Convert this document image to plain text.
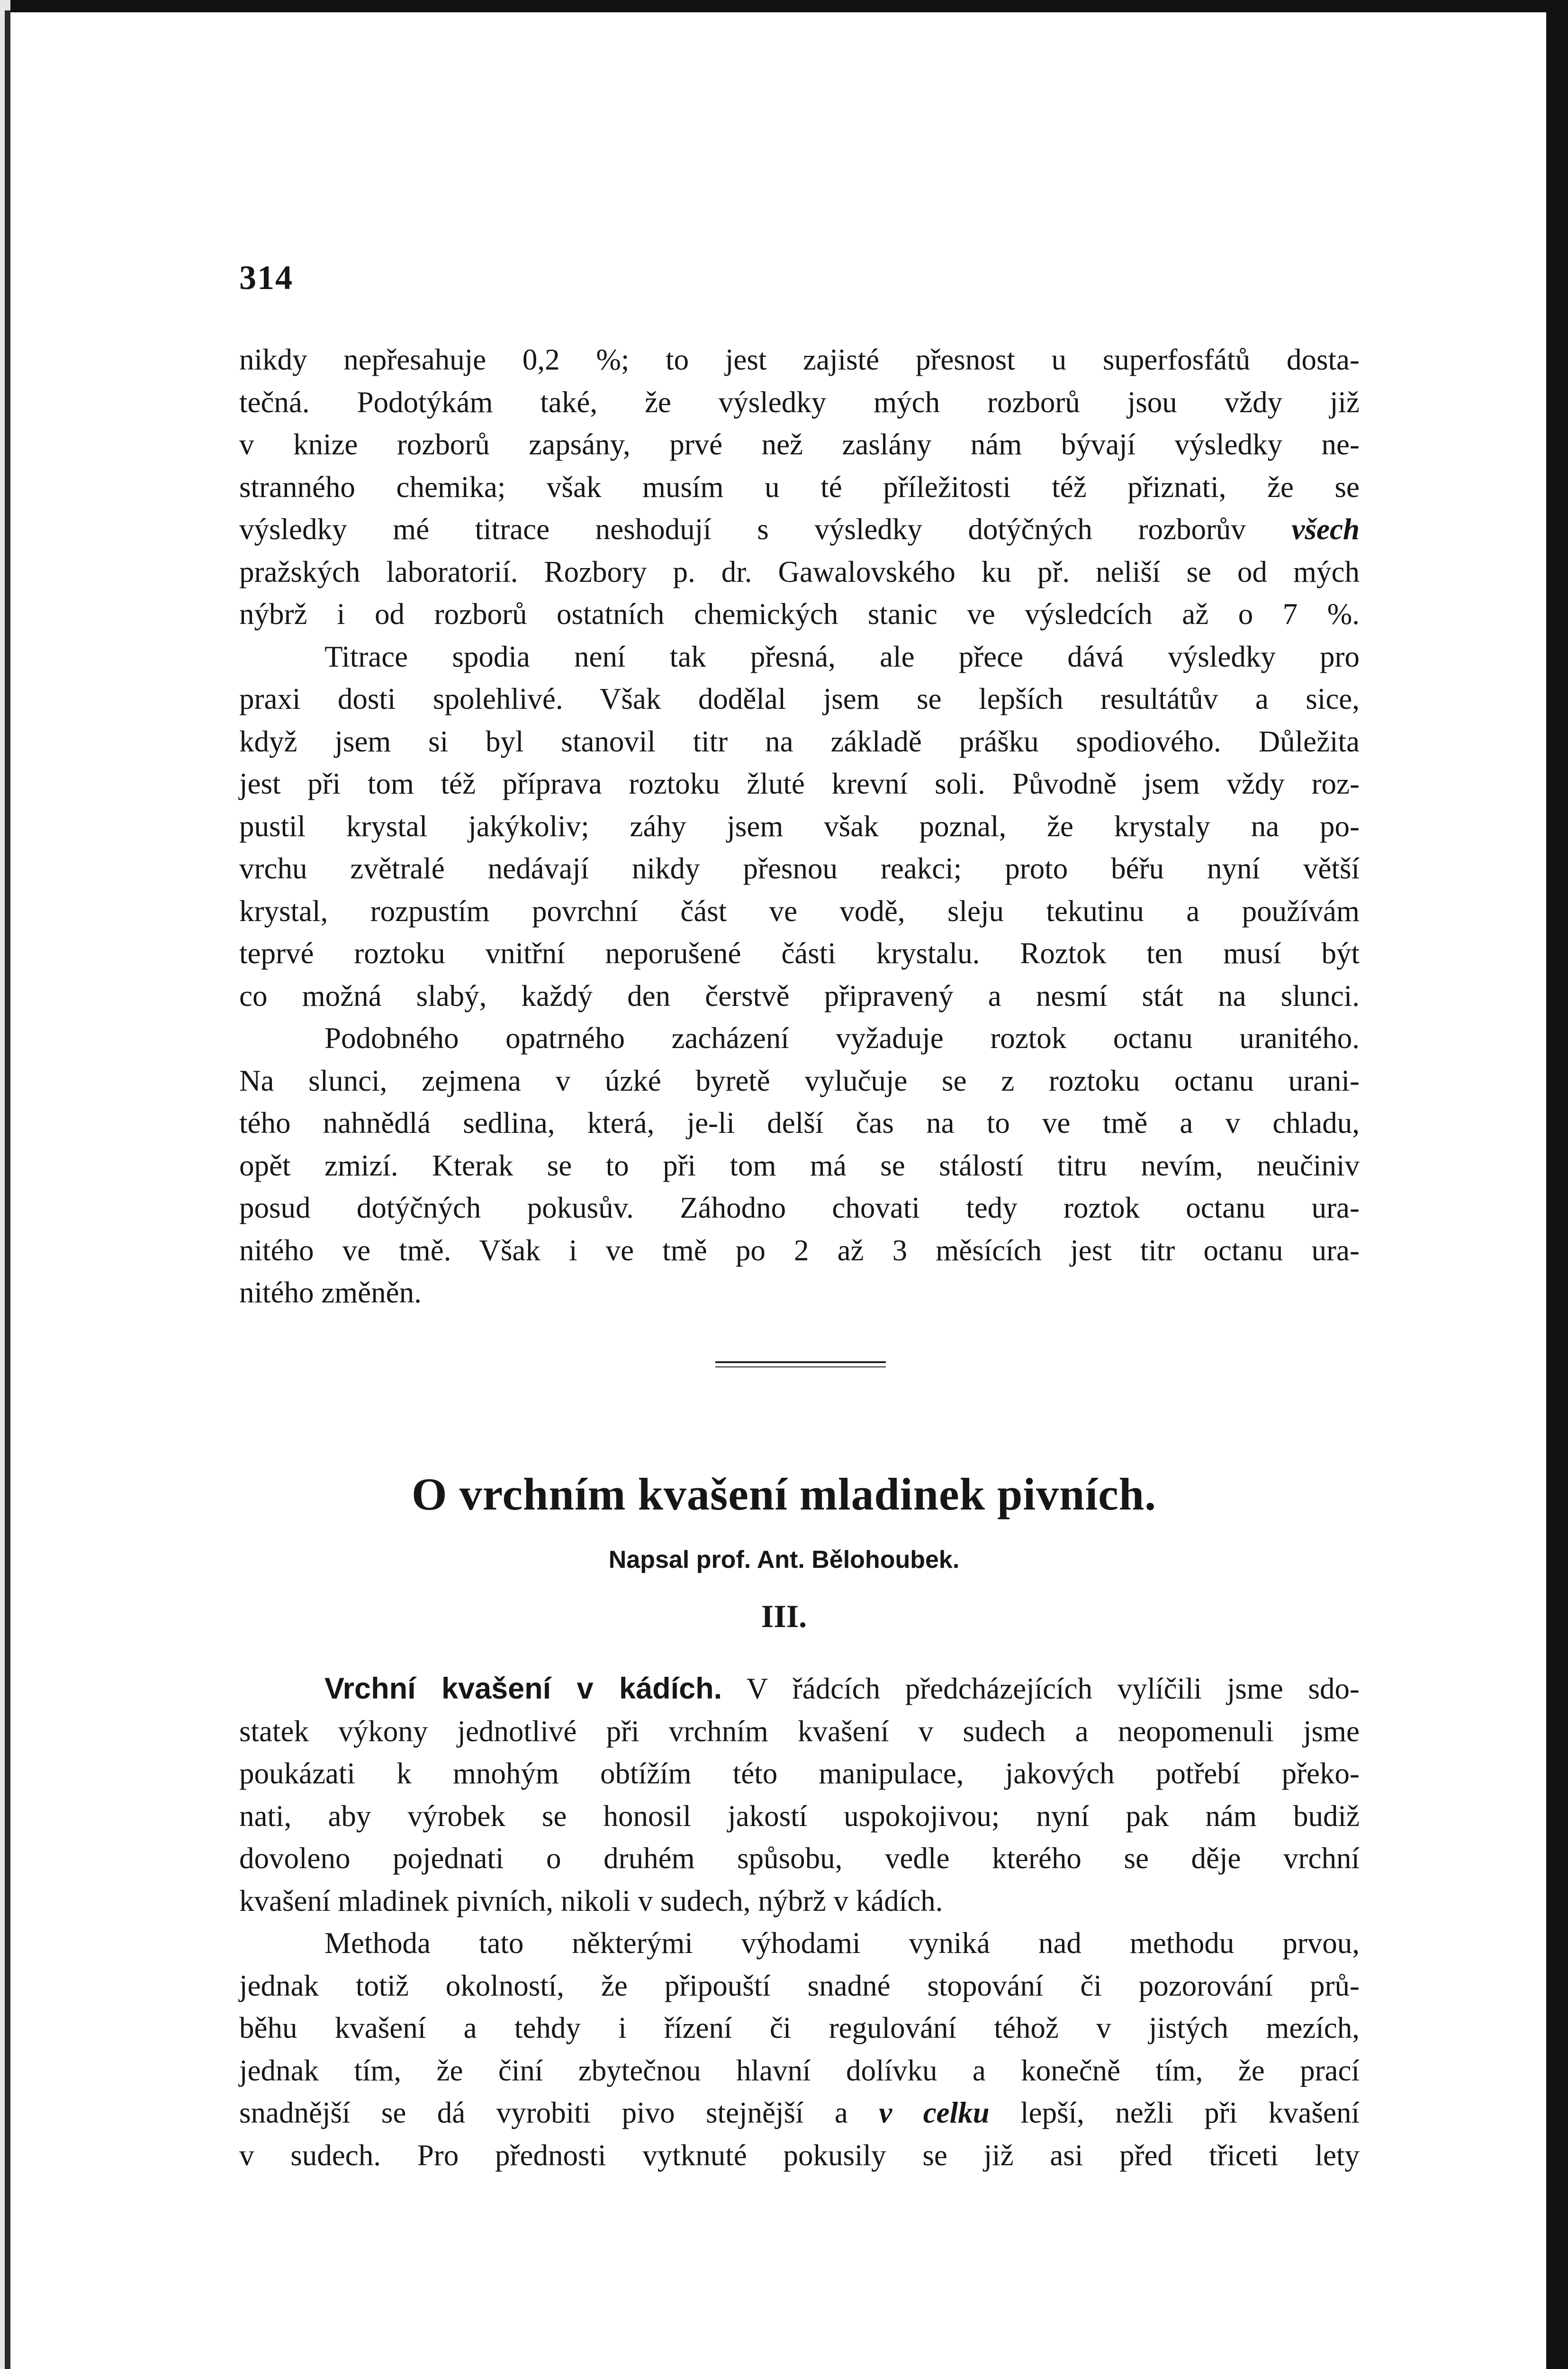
314
nikdy nepřesahuje 0,2 %; to jest zajisté přesnost u superfosfátů dosta-
tečná. Podotýkám také, že výsledky mých rozborů jsou vždy již
v knize rozborů zapsány, prvé než zaslány nám bývají výsledky ne-
stranného chemika; však musím u té příležitosti též přiznati, že se
výsledky mé titrace neshodují s výsledky dotýčných rozborův všech
pražských laboratorií. Rozbory p. dr. Gawalovského ku př. neliší se od mých
nýbrž i od rozborů ostatních chemických stanic ve výsledcích až o 7 %.
Titrace spodia není tak přesná, ale přece dává výsledky pro
praxi dosti spolehlivé. Však dodělal jsem se lepších resultátův a sice,
když jsem si byl stanovil titr na základě prášku spodiového. Důležita
jest při tom též příprava roztoku žluté krevní soli. Původně jsem vždy roz-
pustil krystal jakýkoliv; záhy jsem však poznal, že krystaly na po-
vrchu zvětralé nedávají nikdy přesnou reakci; proto béřu nyní větší
krystal, rozpustím povrchní část ve vodě, sleju tekutinu a používám
teprvé roztoku vnitřní neporušené části krystalu. Roztok ten musí být
co možná slabý, každý den čerstvě připravený a nesmí stát na slunci.
Podobného opatrného zacházení vyžaduje roztok octanu uranitého.
Na slunci, zejmena v úzké byretě vylučuje se z roztoku octanu urani-
tého nahnědlá sedlina, která, je-li delší čas na to ve tmě a v chladu,
opět zmizí. Kterak se to při tom má se stálostí titru nevím, neučiniv
posud dotýčných pokusův. Záhodno chovati tedy roztok octanu ura-
nitého ve tmě. Však i ve tmě po 2 až 3 měsících jest titr octanu ura-
nitého změněn.
O vrchním kvašení mladinek pivních.
Napsal prof. Ant. Bělohoubek.
III.
Vrchní kvašení v kádích. V řádcích předcházejících vylíčili jsme sdo-
statek výkony jednotlivé při vrchním kvašení v sudech a neopomenuli jsme
poukázati k mnohým obtížím této manipulace, jakových potřebí překo-
nati, aby výrobek se honosil jakostí uspokojivou; nyní pak nám budiž
dovoleno pojednati o druhém spůsobu, vedle kterého se děje vrchní
kvašení mladinek pivních, nikoli v sudech, nýbrž v kádích.
Methoda tato některými výhodami vyniká nad methodu prvou,
jednak totiž okolností, že připouští snadné stopování či pozorování prů-
běhu kvašení a tehdy i řízení či regulování téhož v jistých mezích,
jednak tím, že činí zbytečnou hlavní dolívku a konečně tím, že prací
snadnější se dá vyrobiti pivo stejnější a v celku lepší, nežli při kvašení
v sudech. Pro přednosti vytknuté pokusily se již asi před třiceti lety
